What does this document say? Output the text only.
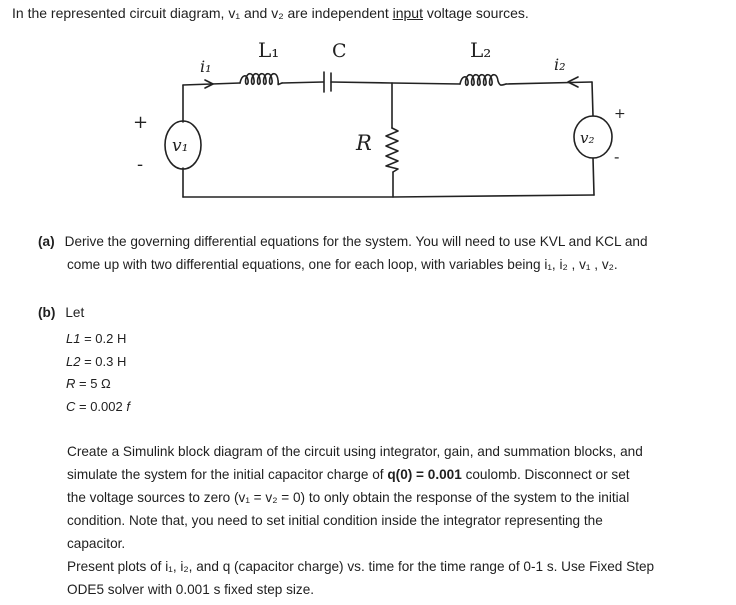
In the represented circuit diagram, v₁ and v₂ are independent input voltage sources.
L₁	C	L₂
i₁	i₂
R
v₁	v₂
+
-
+
-
(a) Derive the governing differential equations for the system. You will need to use KVL and KCL and
come up with two differential equations, one for each loop, with variables being i₁, i₂ , v₁ , v₂.
(b) Let
L1 = 0.2 H
L2 = 0.3 H
R = 5 Ω
C = 0.002 f
Create a Simulink block diagram of the circuit using integrator, gain, and summation blocks, and
simulate the system for the initial capacitor charge of q(0) = 0.001 coulomb. Disconnect or set
the voltage sources to zero (v₁ = v₂ = 0) to only obtain the response of the system to the initial
condition. Note that, you need to set initial condition inside the integrator representing the
capacitor.
Present plots of i₁, i₂, and q (capacitor charge) vs. time for the time range of 0-1 s. Use Fixed Step
ODE5 solver with 0.001 s fixed step size.
